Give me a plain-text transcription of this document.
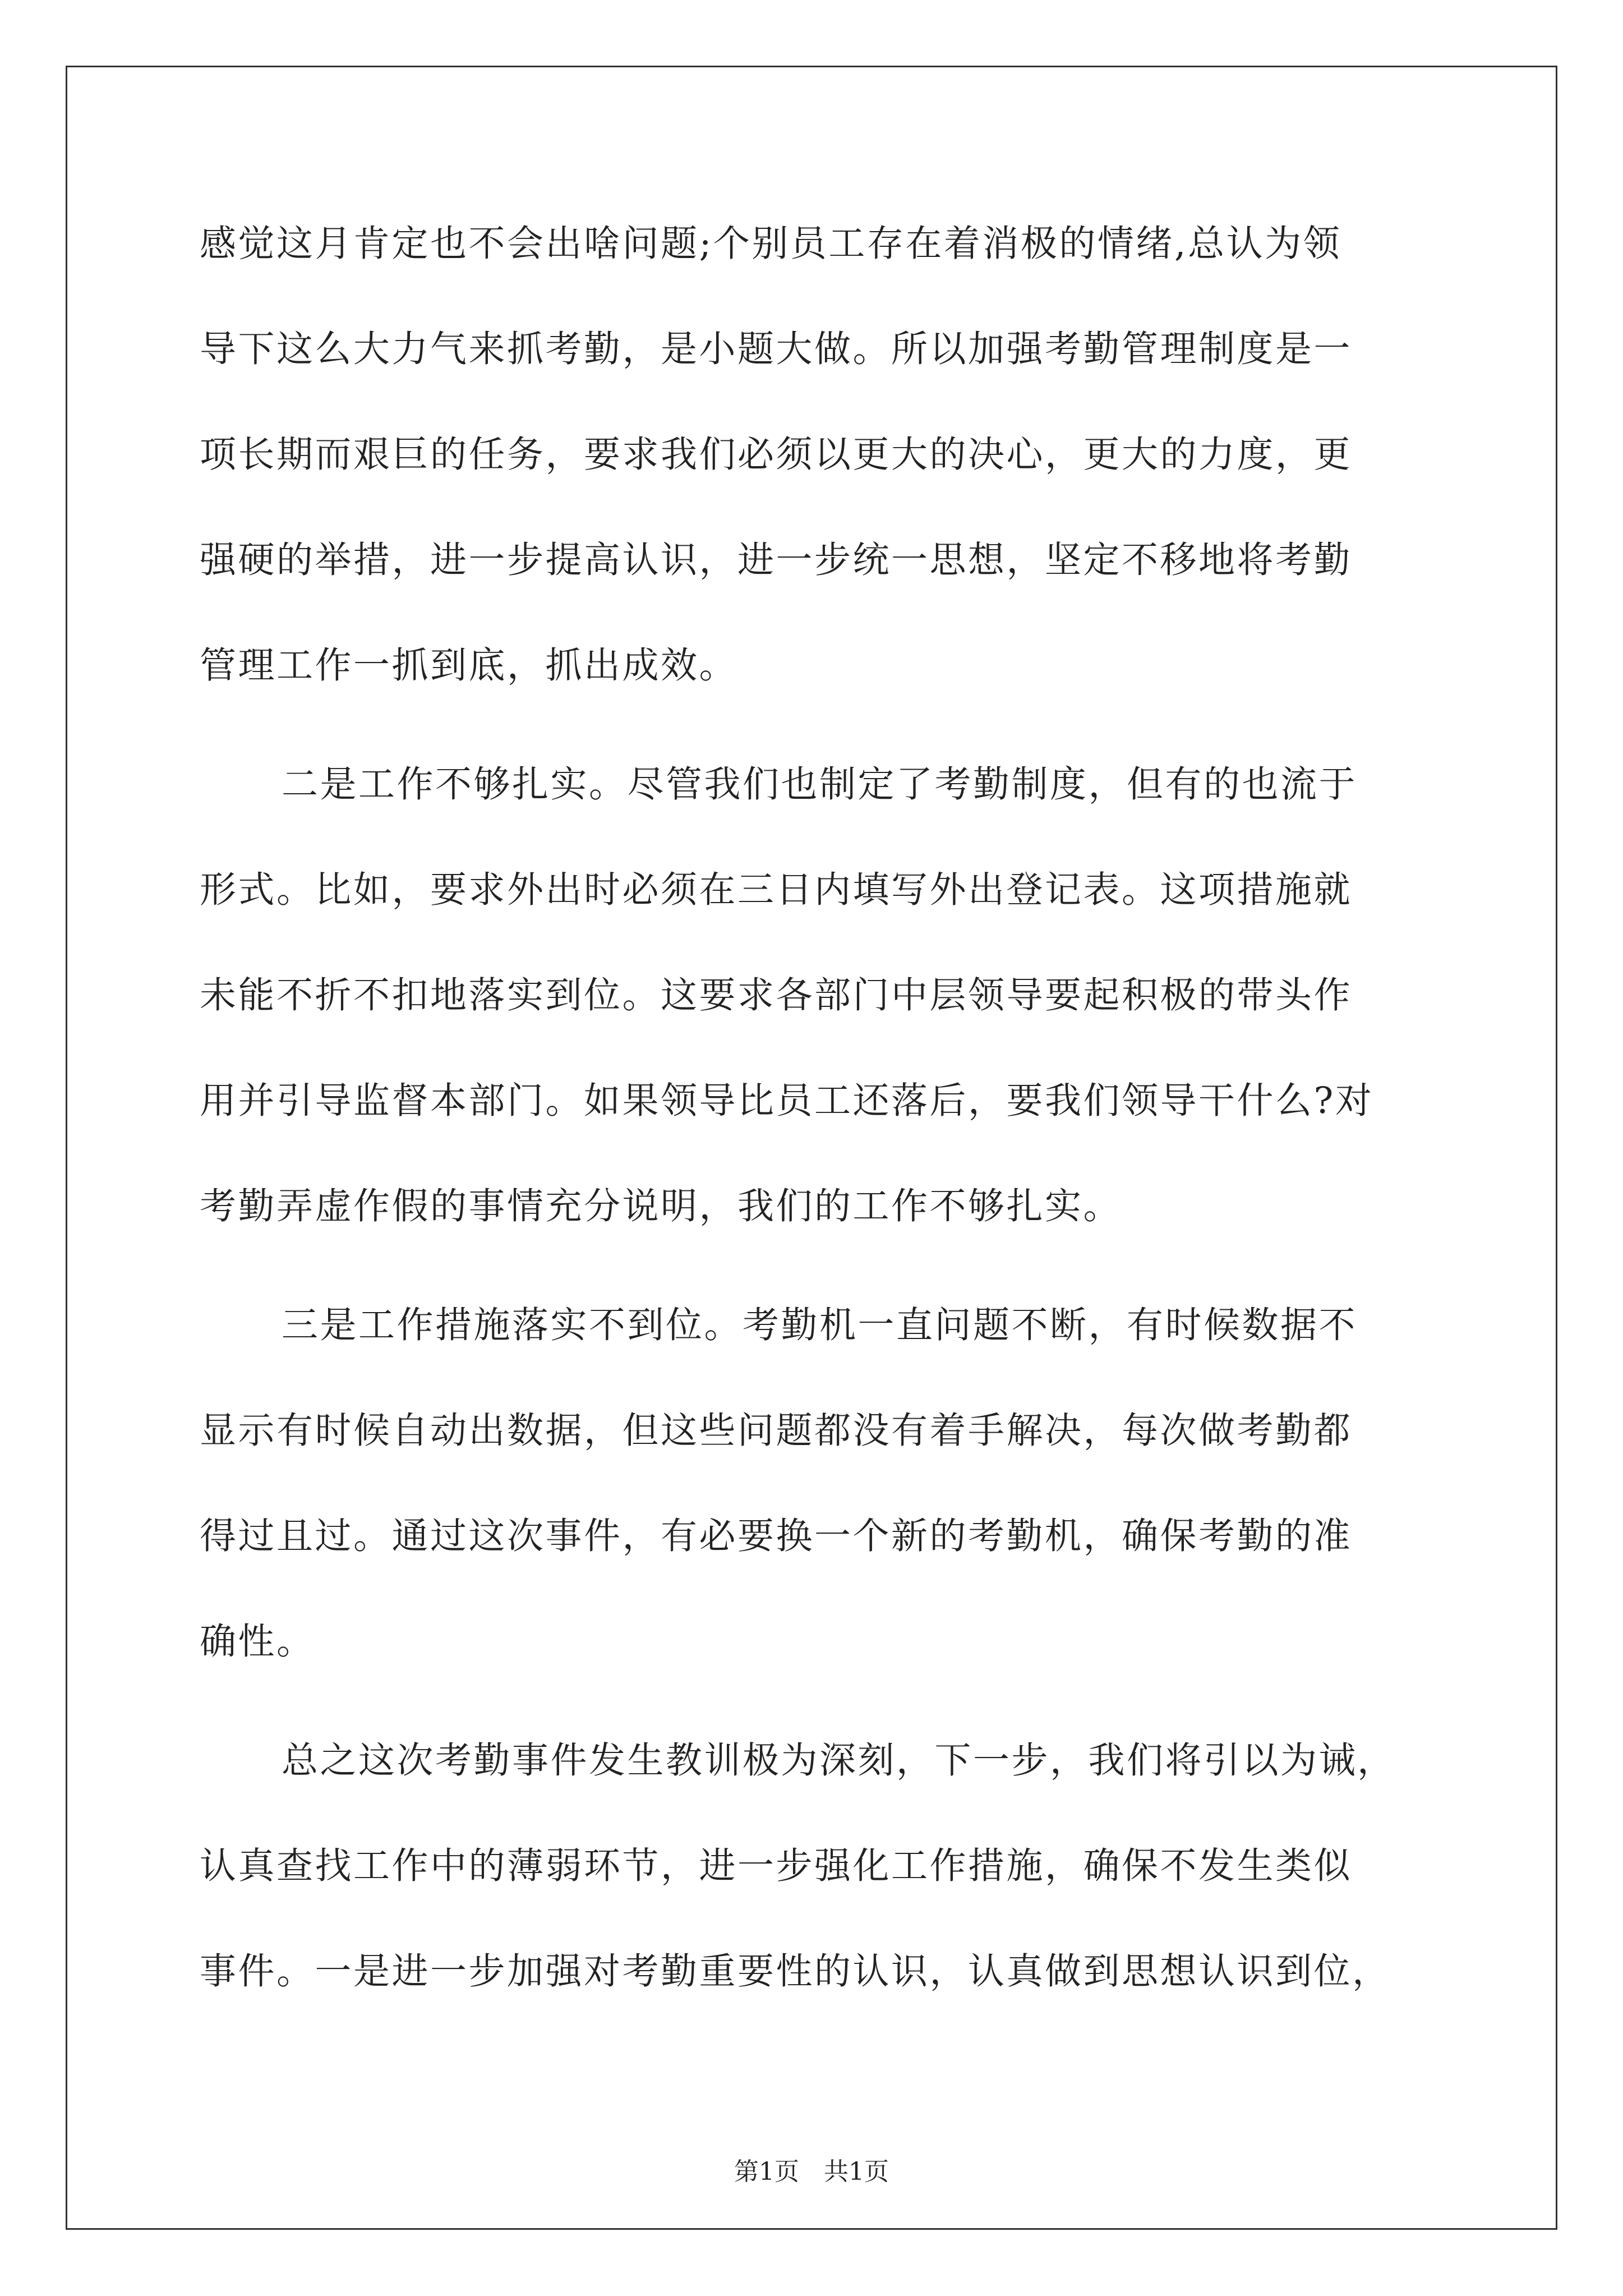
感觉这月肯定也不会出啥问题;个别员工存在着消极的情绪,总认为领
导下这么大力气来抓考勤，是小题大做。所以加强考勤管理制度是一
项长期而艰巨的任务，要求我们必须以更大的决心，更大的力度，更
强硬的举措，进一步提高认识，进一步统一思想，坚定不移地将考勤
管理工作一抓到底，抓出成效。
二是工作不够扎实。尽管我们也制定了考勤制度，但有的也流于
形式。比如，要求外出时必须在三日内填写外出登记表。这项措施就
未能不折不扣地落实到位。这要求各部门中层领导要起积极的带头作
用并引导监督本部门。如果领导比员工还落后，要我们领导干什么?对
考勤弄虚作假的事情充分说明，我们的工作不够扎实。
三是工作措施落实不到位。考勤机一直问题不断，有时候数据不
显示有时候自动出数据，但这些问题都没有着手解决，每次做考勤都
得过且过。通过这次事件，有必要换一个新的考勤机，确保考勤的准
确性。
总之这次考勤事件发生教训极为深刻，下一步，我们将引以为诫，
认真查找工作中的薄弱环节，进一步强化工作措施，确保不发生类似
事件。一是进一步加强对考勤重要性的认识，认真做到思想认识到位，
第1页　共1页
